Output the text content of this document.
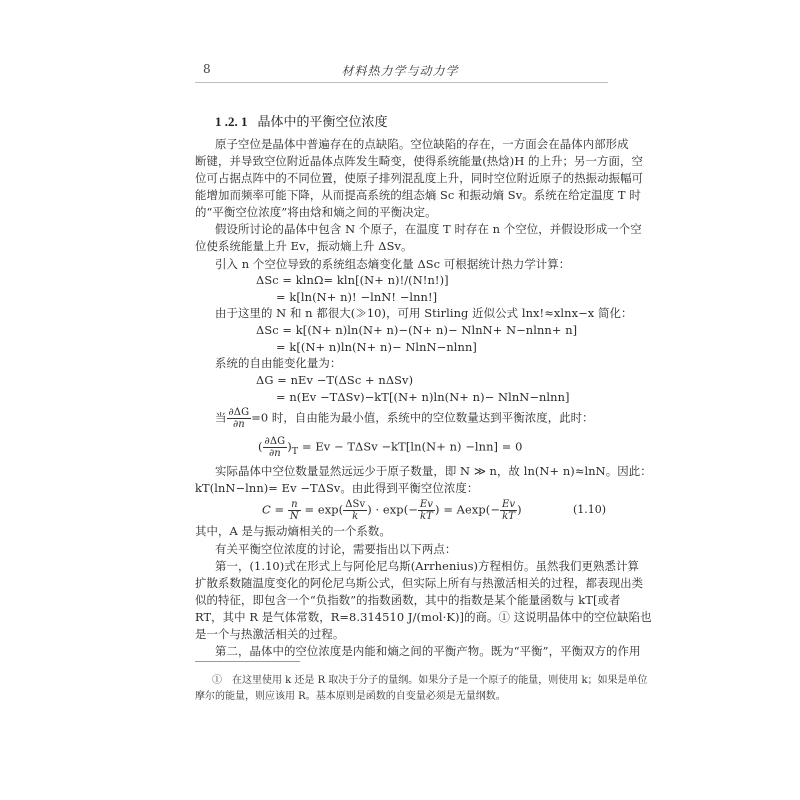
8	材料热力学与动力学
1 .2. 1 晶体中的平衡空位浓度
原子空位是晶体中普遍存在的点缺陷。空位缺陷的存在，一方面会在晶体内部形成
断键，并导致空位附近晶体点阵发生畸变，使得系统能量(热焓)H 的上升；另一方面，空
位可占据点阵中的不同位置，使原子排列混乱度上升，同时空位附近原子的热振动振幅可
能增加而频率可能下降，从而提高系统的组态熵 Sc 和振动熵 Sv。系统在给定温度 T 时
的“平衡空位浓度”将由焓和熵之间的平衡决定。
假设所讨论的晶体中包含 N 个原子，在温度 T 时存在 n 个空位，并假设形成一个空
位使系统能量上升 Ev，振动熵上升 ΔSv。
引入 n 个空位导致的系统组态熵变化量 ΔSc 可根据统计热力学计算：
ΔSc = klnΩ= kln[(N+ n)!/(N!n!)]
= k[ln(N+ n)! −lnN! −lnn!]
由于这里的 N 和 n 都很大(≫10)，可用 Stirling 近似公式 lnx!≈xlnx−x 简化：
ΔSc = k[(N+ n)ln(N+ n)−(N+ n)− NlnN+ N−nlnn+ n]
= k[(N+ n)ln(N+ n)− NlnN−nlnn]
系统的自由能变化量为：
ΔG = nEv −T(ΔSc + nΔSv)
= n(Ev −TΔSv)−kT[(N+ n)ln(N+ n)− NlnN−nlnn]
当 $\frac{\partial\Delta G}{\partial n} =0$ 时，自由能为最小值，系统中的空位数量达到平衡浓度，此时：
( $\frac{\partial\Delta G}{\partial n} )_T = Ev - T\Delta Sv -kT[\ln(N+ n) -\ln n] = 0$
实际晶体中空位数量显然远远少于原子数量，即 N ≫ n，故 ln(N+ n)≈lnN。因此：
kT(lnN−lnn)= Ev −TΔSv。由此得到平衡空位浓度：
$C = \frac{n}{N} = \exp( \frac{\text{ΔSv}}{k}$ ) · $\exp(- \frac{Ev}{kT}$ ) = $Aexp(- \frac{Ev}{kT}$ )	(1.10)
其中，A 是与振动熵相关的一个系数。
有关平衡空位浓度的讨论，需要指出以下两点：
第一，(1.10)式在形式上与阿伦尼乌斯(Arrhenius)方程相仿。虽然我们更熟悉计算
扩散系数随温度变化的阿伦尼乌斯公式，但实际上所有与热激活相关的过程，都表现出类
似的特征，即包含一个“负指数”的指数函数，其中的指数是某个能量函数与 kT[或者
RT，其中 R 是气体常数，R=8.314510 J/(mol·K)]的商。① 这说明晶体中的空位缺陷也
是一个与热激活相关的过程。
第二，晶体中的空位浓度是内能和熵之间的平衡产物。既为“平衡”，平衡双方的作用
①　在这里使用 k 还是 R 取决于分子的量纲。如果分子是一个原子的能量，则使用 k；如果是单位
摩尔的能量，则应该用 R。基本原则是函数的自变量必须是无量纲数。
